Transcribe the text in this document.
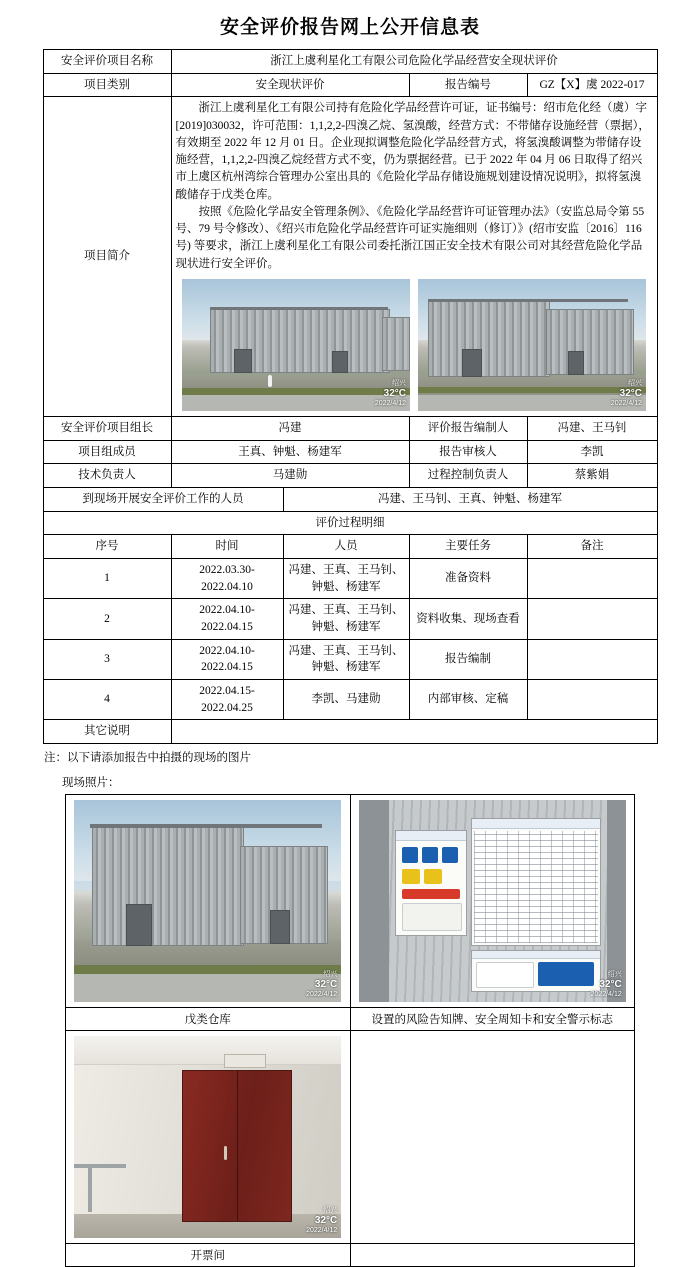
安全评价报告网上公开信息表
安全评价项目名称	浙江上虞利星化工有限公司危险化学品经营安全现状评价			
项目类别	安全现状评价		报告编号	GZ【X】虞 2022-017
项目简介	

浙江上虞利星化工有限公司持有危险化学品经营许可证，证书编号：绍市危化经（虞）字[2019]030032，许可范围：1,1,2,2-四溴乙烷、氢溴酸，经营方式：不带储存设施经营（票据），有效期至 2022 年 12 月 01 日。企业现拟调整危险化学品经营方式，将氢溴酸调整为带储存设施经营，1,1,2,2-四溴乙烷经营方式不变，仍为票据经营。已于 2022 年 04 月 06 日取得了绍兴市上虞区杭州湾综合管理办公室出具的《危险化学品存储设施规划建设情况说明》，拟将氢溴酸储存于戊类仓库。

按照《危险化学品安全管理条例》、《危险化学品经营许可证管理办法》（安监总局令第 55 号、79 号令修改）、《绍兴市危险化学品经营许可证实施细则（修订）》(绍市安监〔2016〕116 号) 等要求，浙江上虞利星化工有限公司委托浙江国正安全技术有限公司对其经营危险化学品现状进行安全评价。

绍兴
32°C
2022/4/12
绍兴
32°C
2022/4/12

安全评价项目组长	冯建		评价报告编制人	冯建、王马钊
项目组成员	王真、钟魁、杨建军		报告审核人	李凯
技术负责人	马建勋		过程控制负责人	蔡紫娟
到现场开展安全评价工作的人员		冯建、王马钊、王真、钟魁、杨建军		
评价过程明细				
序号	时间	人员	主要任务	备注
1	2022.03.30-2022.04.10	冯建、王真、王马钊、钟魁、杨建军	准备资料	
2	2022.04.10-2022.04.15	冯建、王真、王马钊、钟魁、杨建军	资料收集、现场查看	
3	2022.04.10-2022.04.15	冯建、王真、王马钊、钟魁、杨建军	报告编制	
4	2022.04.15-2022.04.25	李凯、马建勋	内部审核、定稿	
其它说明				
注：以下请添加报告中拍摄的现场的图片
现场照片：
绍兴
32°C
2022/4/12

绍兴
32°C
2022/4/12

戊类仓库	设置的风险告知牌、安全周知卡和安全警示标志

绍兴
32°C
2022/4/12	

开票间	
